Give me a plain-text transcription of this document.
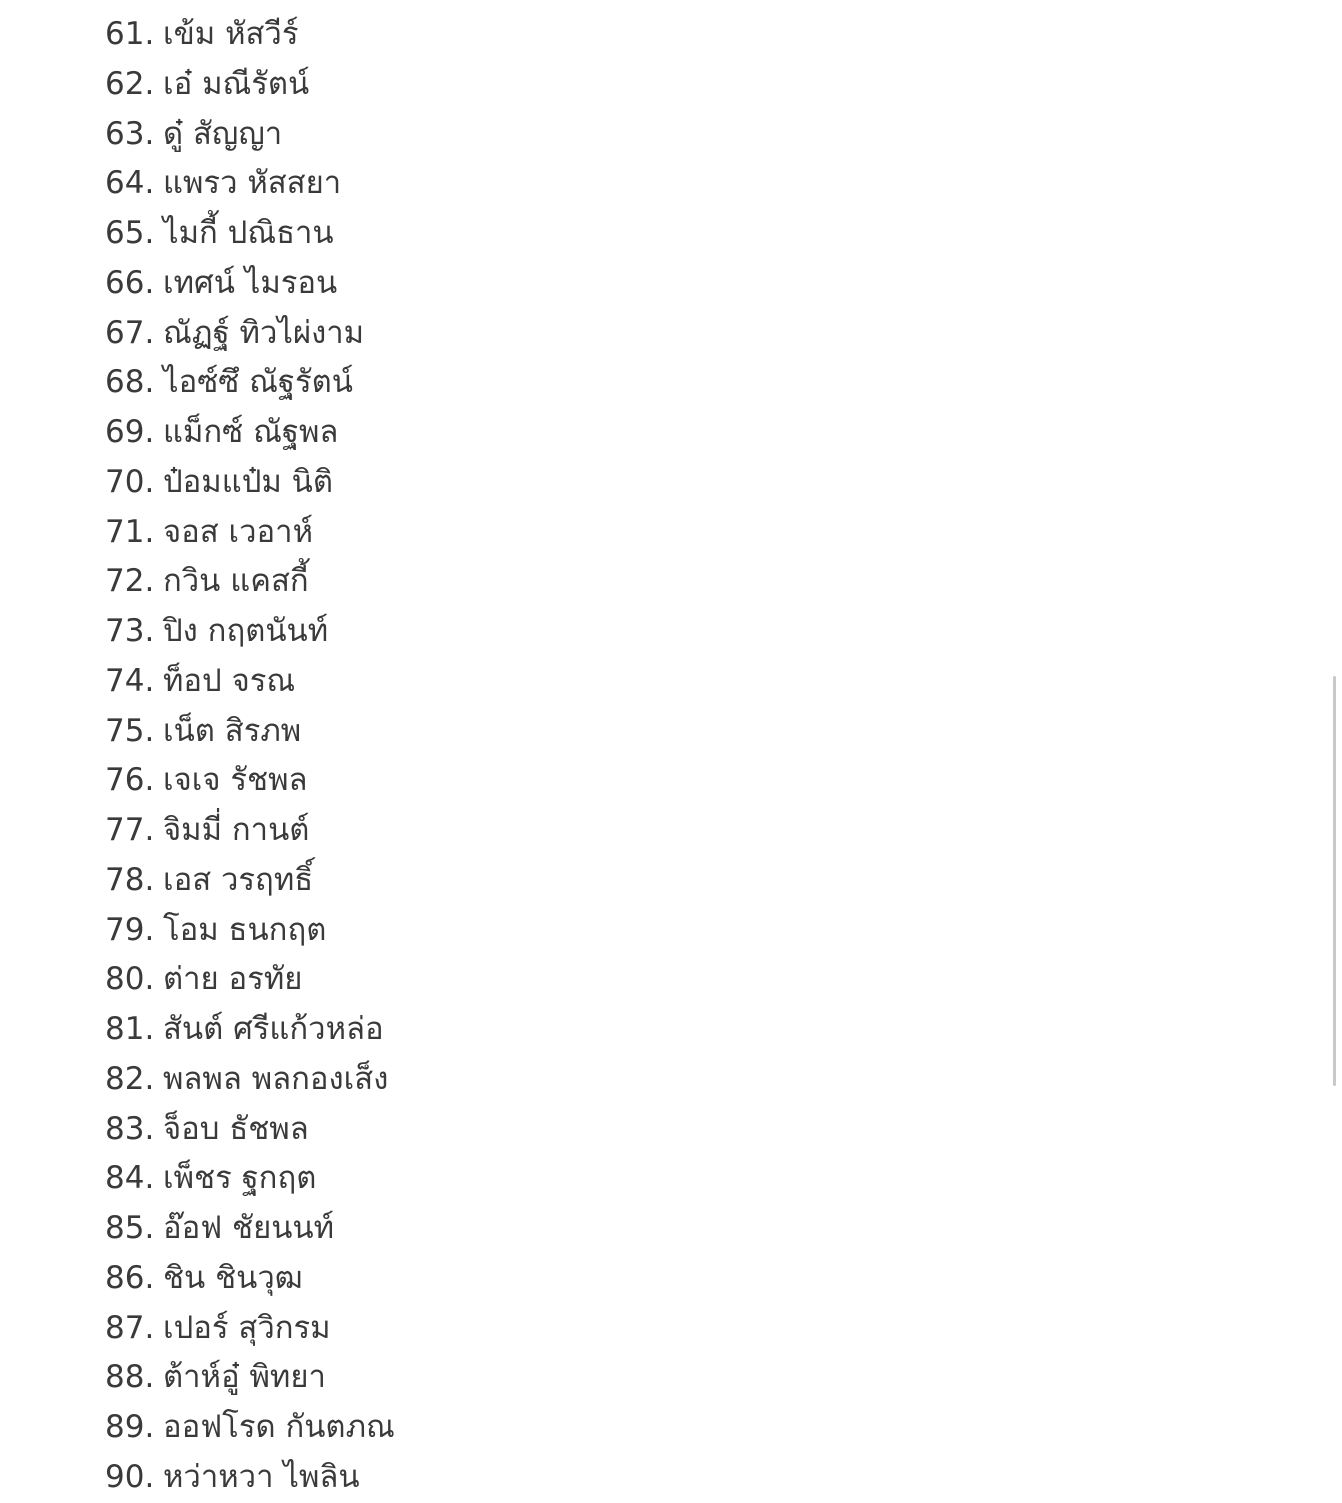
61. เข้ม หัสวีร์
62. เอ๋ มณีรัตน์
63. ดู๋ สัญญา
64. แพรว หัสสยา
65. ไมกี้ ปณิธาน
66. เทศน์ ไมรอน
67. ณัฏฐ์ ทิวไผ่งาม
68. ไอซ์ซึ ณัฐรัตน์
69. แม็กซ์ ณัฐพล
70. ป๋อมแป๋ม นิติ
71. จอส เวอาห์
72. กวิน แคสกี้
73. ปิง กฤตนันท์
74. ท็อป จรณ
75. เน็ต สิรภพ
76. เจเจ รัชพล
77. จิมมี่ กานต์
78. เอส วรฤทธิ์
79. โอม ธนกฤต
80. ต่าย อรทัย
81. สันต์ ศรีแก้วหล่อ
82. พลพล พลกองเส็ง
83. จ็อบ ธัชพล
84. เพ็ชร ฐกฤต
85. อ๊อฟ ชัยนนท์
86. ชิน ชินวุฒ
87. เปอร์ สุวิกรม
88. ต้าห์อู๋ พิทยา
89. ออฟโรด กันตภณ
90. หว่าหวา ไพลิน
